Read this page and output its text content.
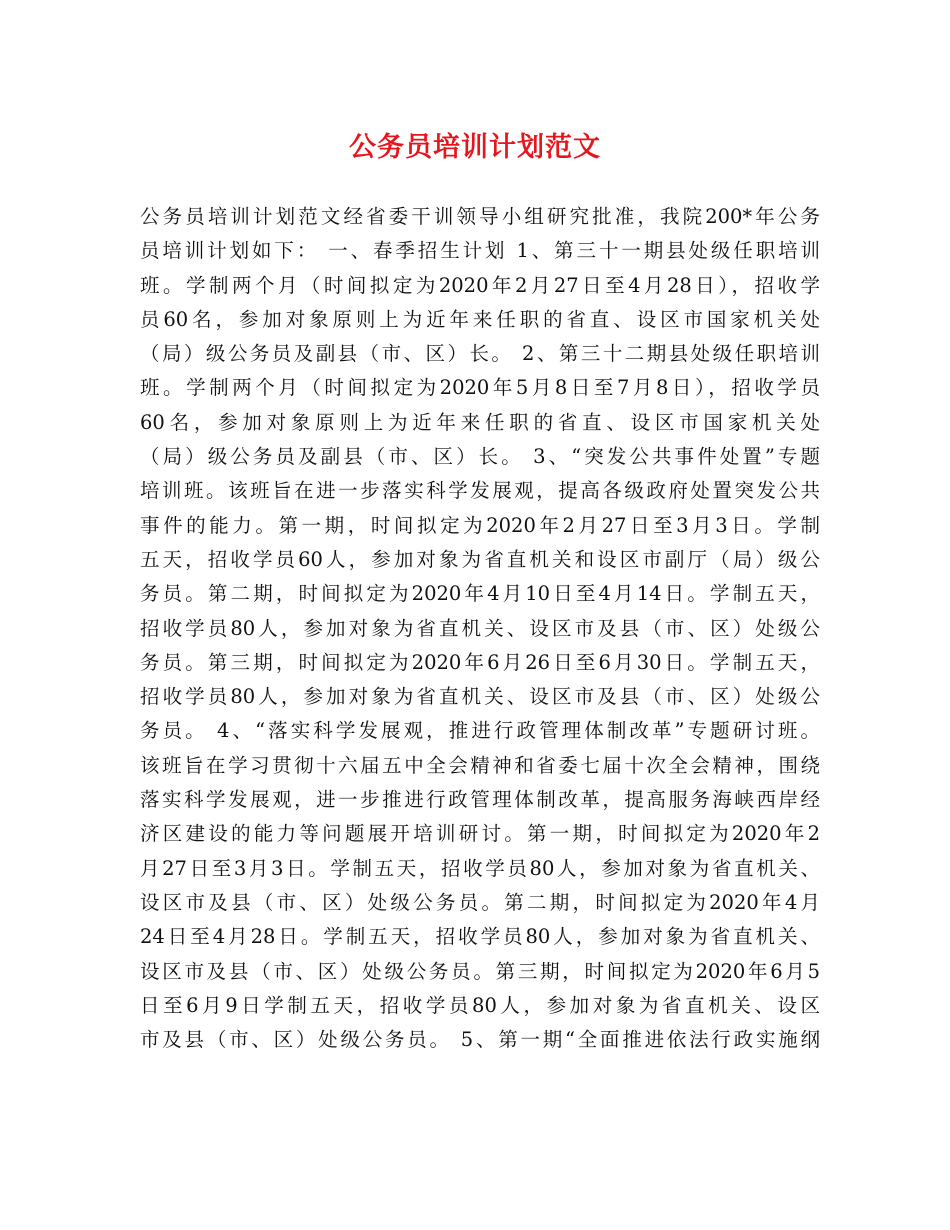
公务员培训计划范文
公务员培训计划范文经省委干训领导小组研究批准，我院200*年公务
员培训计划如下： 一、春季招生计划 1、第三十一期县处级任职培训
班。学制两个月（时间拟定为2020年2月27日至4月28日），招收学
员60名，参加对象原则上为近年来任职的省直、设区市国家机关处
（局）级公务员及副县（市、区）长。 2、第三十二期县处级任职培训
班。学制两个月（时间拟定为2020年5月8日至7月8日），招收学员
60名，参加对象原则上为近年来任职的省直、设区市国家机关处
（局）级公务员及副县（市、区）长。 3、“突发公共事件处置”专题
培训班。该班旨在进一步落实科学发展观，提高各级政府处置突发公共
事件的能力。第一期，时间拟定为2020年2月27日至3月3日。学制
五天，招收学员60人，参加对象为省直机关和设区市副厅（局）级公
务员。第二期，时间拟定为2020年4月10日至4月14日。学制五天，
招收学员80人，参加对象为省直机关、设区市及县（市、区）处级公
务员。第三期，时间拟定为2020年6月26日至6月30日。学制五天，
招收学员80人，参加对象为省直机关、设区市及县（市、区）处级公
务员。 4、“落实科学发展观，推进行政管理体制改革”专题研讨班。
该班旨在学习贯彻十六届五中全会精神和省委七届十次全会精神，围绕
落实科学发展观，进一步推进行政管理体制改革，提高服务海峡西岸经
济区建设的能力等问题展开培训研讨。第一期，时间拟定为2020年2
月27日至3月3日。学制五天，招收学员80人，参加对象为省直机关、
设区市及县（市、区）处级公务员。第二期，时间拟定为2020年4月
24日至4月28日。学制五天，招收学员80人，参加对象为省直机关、
设区市及县（市、区）处级公务员。第三期，时间拟定为2020年6月5
日至6月9日学制五天，招收学员80人，参加对象为省直机关、设区
市及县（市、区）处级公务员。 5、第一期“全面推进依法行政实施纲
